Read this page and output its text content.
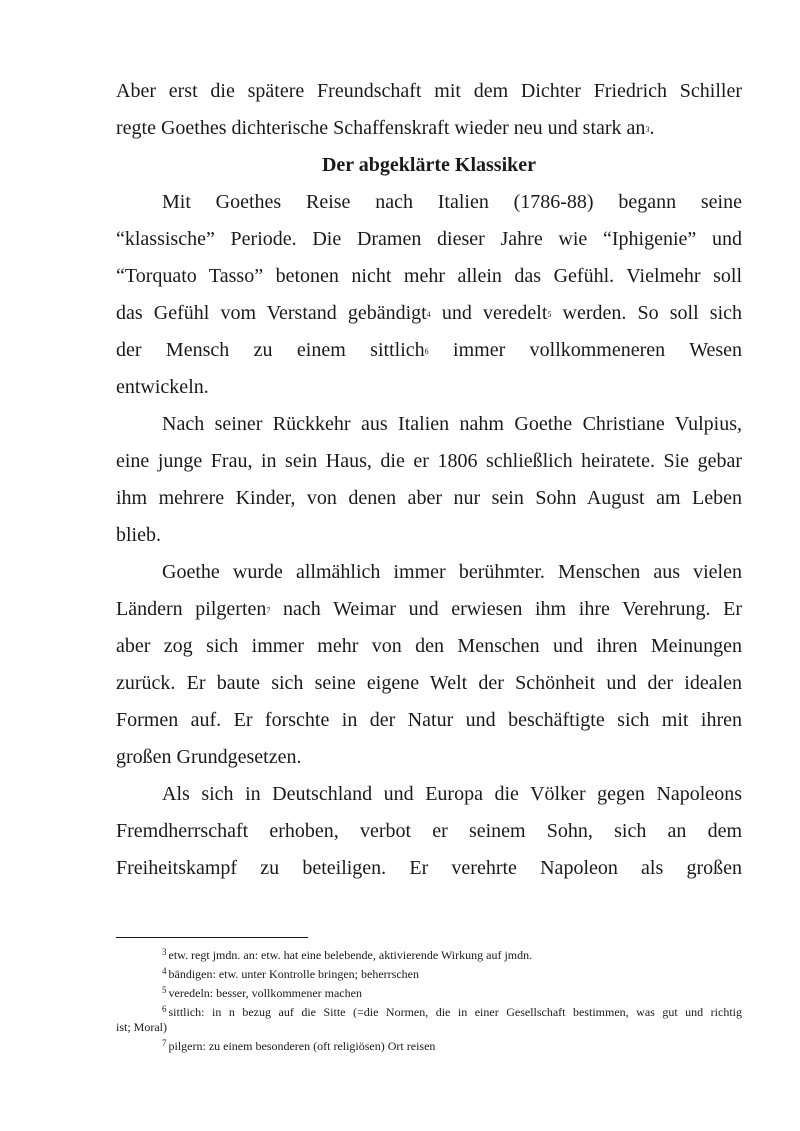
Aber erst die spätere Freundschaft mit dem Dichter Friedrich Schiller
regte Goethes dichterische Schaffenskraft wieder neu und stark an$^3$.
Der abgeklärte Klassiker
Mit Goethes Reise nach Italien (1786-88) begann seine
“klassische” Periode. Die Dramen dieser Jahre wie “Iphigenie” und
“Torquato Tasso” betonen nicht mehr allein das Gefühl. Vielmehr soll
das Gefühl vom Verstand gebändigt$^4$ und veredelt$^5$ werden. So soll sich
der Mensch zu einem sittlich$^6$ immer vollkommeneren Wesen
entwickeln.
Nach seiner Rückkehr aus Italien nahm Goethe Christiane Vulpius,
eine junge Frau, in sein Haus, die er 1806 schließlich heiratete. Sie gebar
ihm mehrere Kinder, von denen aber nur sein Sohn August am Leben
blieb.
Goethe wurde allmählich immer berühmter. Menschen aus vielen
Ländern pilgerten$^7$ nach Weimar und erwiesen ihm ihre Verehrung. Er
aber zog sich immer mehr von den Menschen und ihren Meinungen
zurück. Er baute sich seine eigene Welt der Schönheit und der idealen
Formen auf. Er forschte in der Natur und beschäftigte sich mit ihren
großen Grundgesetzen.
Als sich in Deutschland und Europa die Völker gegen Napoleons
Fremdherrschaft erhoben, verbot er seinem Sohn, sich an dem
Freiheitskampf zu beteiligen. Er verehrte Napoleon als großen
$^3$ etw. regt jmdn. an: etw. hat eine belebende, aktivierende Wirkung auf jmdn.
$^4$ bändigen: etw. unter Kontrolle bringen; beherrschen
$^5$ veredeln: besser, vollkommener machen
$^6$ sittlich: in n bezug auf die Sitte (=die Normen, die in einer Gesellschaft bestimmen, was gut und richtig
ist; Moral)
$^7$ pilgern: zu einem besonderen (oft religiösen) Ort reisen
